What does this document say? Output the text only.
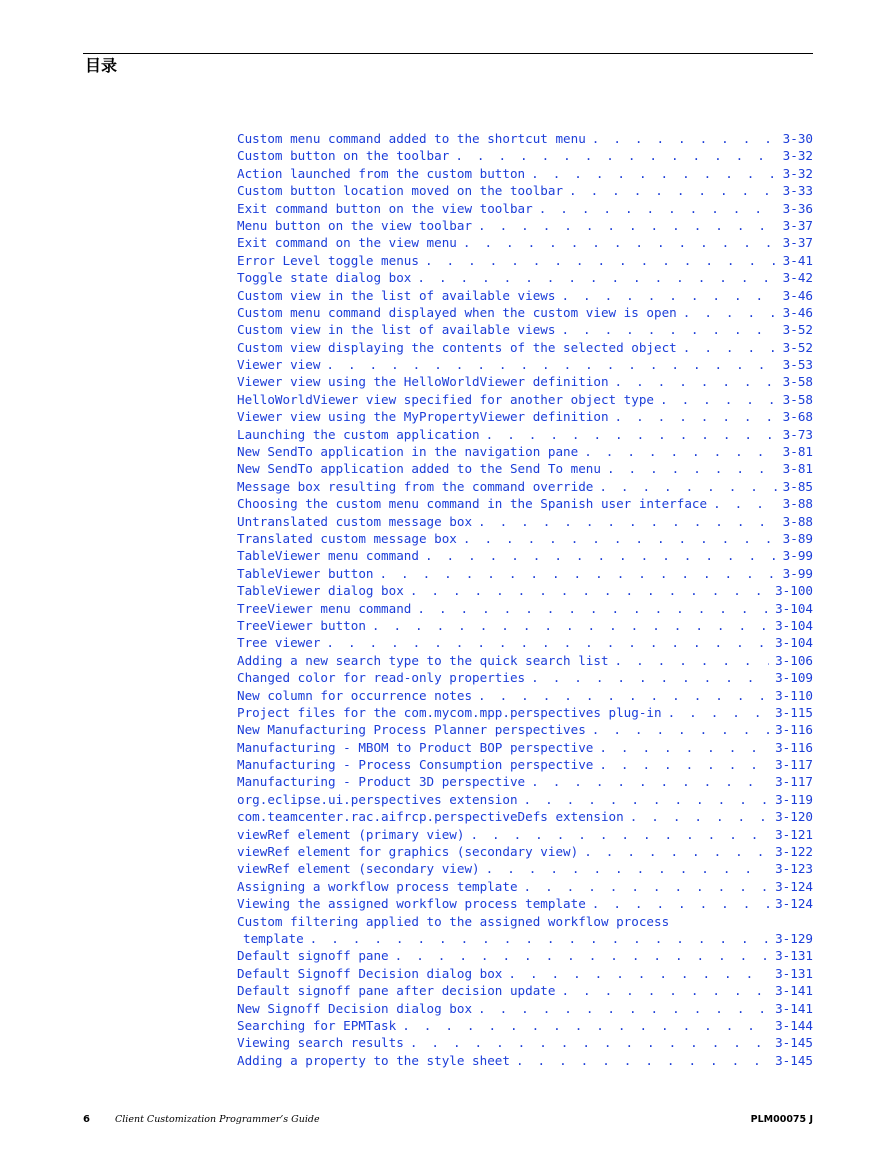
目录
Custom menu command added to the shortcut menu . . .	3-30
Custom button on the toolbar . . .	3-32
Action launched from the custom button . . .	3-32
Custom button location moved on the toolbar . . .	3-33
Exit command button on the view toolbar . . .	3-36
Menu button on the view toolbar . . .	3-37
Exit command on the view menu . . .	3-37
Error Level toggle menus . . .	3-41
Toggle state dialog box . . .	3-42
Custom view in the list of available views . . .	3-46
Custom menu command displayed when the custom view is open . . .	3-46
Custom view in the list of available views . . .	3-52
Custom view displaying the contents of the selected object . . .	3-52
Viewer view . . .	3-53
Viewer view using the HelloWorldViewer definition . . .	3-58
HelloWorldViewer view specified for another object type . . .	3-58
Viewer view using the MyPropertyViewer definition . . .	3-68
Launching the custom application . . .	3-73
New SendTo application in the navigation pane . . .	3-81
New SendTo application added to the Send To menu . . .	3-81
Message box resulting from the command override . . .	3-85
Choosing the custom menu command in the Spanish user interface . . .	3-88
Untranslated custom message box . . .	3-88
Translated custom message box . . .	3-89
TableViewer menu command . . .	3-99
TableViewer button . . .	3-99
TableViewer dialog box . . .	3-100
TreeViewer menu command . . .	3-104
TreeViewer button . . .	3-104
Tree viewer . . .	3-104
Adding a new search type to the quick search list . . .	3-106
Changed color for read-only properties . . .	3-109
New column for occurrence notes . . .	3-110
Project files for the com.mycom.mpp.perspectives plug-in . . .	3-115
New Manufacturing Process Planner perspectives . . .	3-116
Manufacturing - MBOM to Product BOP perspective . . .	3-116
Manufacturing - Process Consumption perspective . . .	3-117
Manufacturing - Product 3D perspective . . .	3-117
org.eclipse.ui.perspectives extension . . .	3-119
com.teamcenter.rac.aifrcp.perspectiveDefs extension . . .	3-120
viewRef element (primary view) . . .	3-121
viewRef element for graphics (secondary view) . . .	3-122
viewRef element (secondary view) . . .	3-123
Assigning a workflow process template . . .	3-124
Viewing the assigned workflow process template . . .	3-124
Custom filtering applied to the assigned workflow process
template . . .	3-129
Default signoff pane . . .	3-131
Default Signoff Decision dialog box . . .	3-131
Default signoff pane after decision update . . .	3-141
New Signoff Decision dialog box . . .	3-141
Searching for EPMTask . . .	3-144
Viewing search results . . .	3-145
Adding a property to the style sheet . . .	3-145
6	Client Customization Programmer’s Guide	PLM00075 J
